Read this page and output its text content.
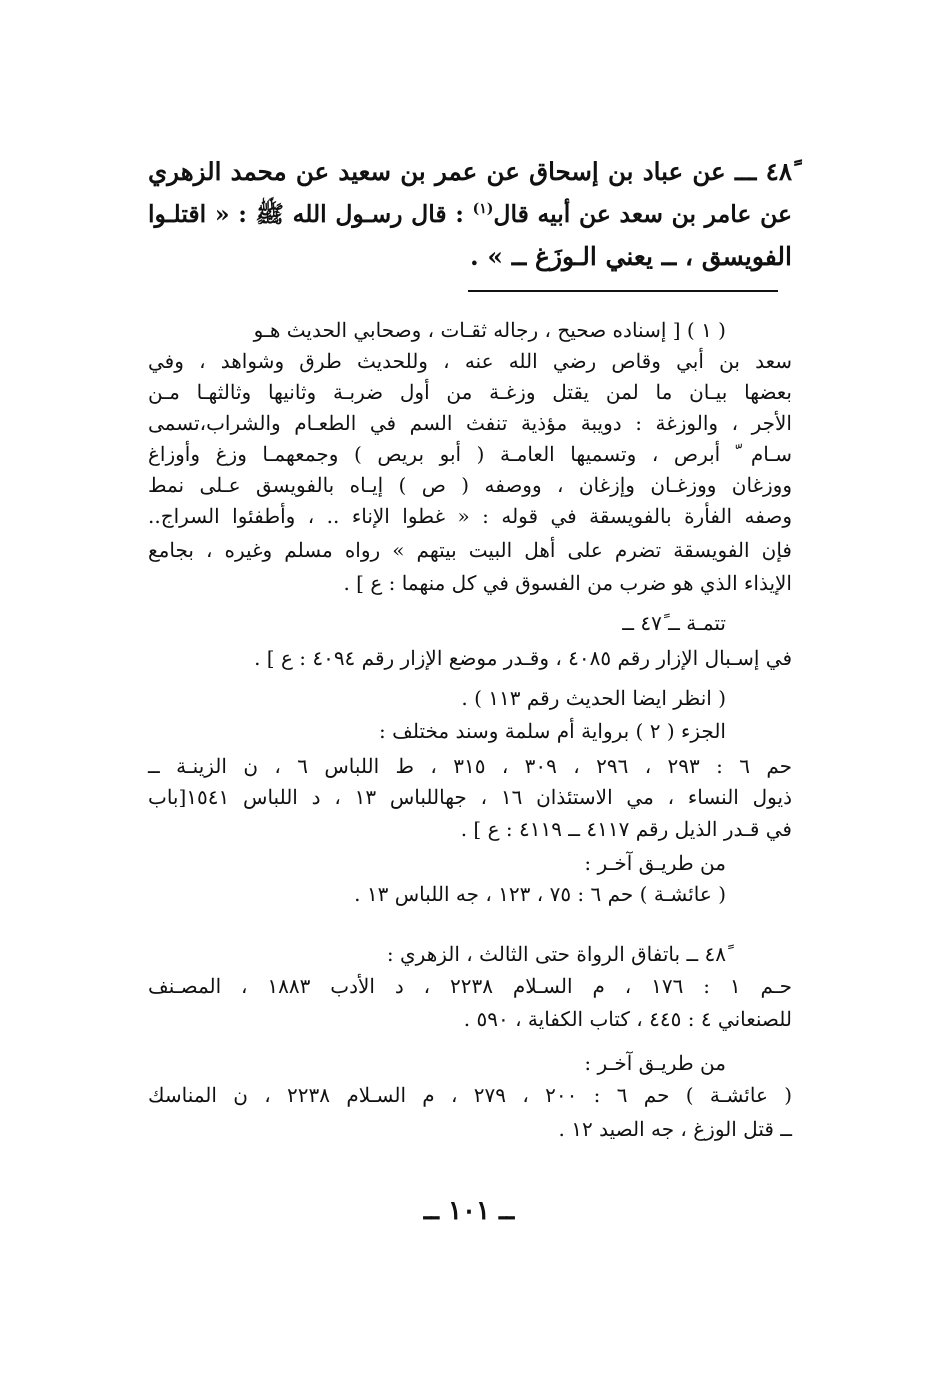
٤٨ً ـــ عن عباد بن إسحاق عن عمر بن سعيد عن محمد الزهري
عن عامر بن سعد عن أبيه قال$^{(١)}$ : قال رسـول الله ﷺ : « اقتلـوا
الفويسق ، ــ يعني الـوزَغ ــ » .
( ١ ) [ إسناده صحيح ، رجاله ثقـات ، وصحابي الحديث هـو
سعد بن أبي وقاص رضي الله عنه ، وللحديث طرق وشواهد ، وفي
بعضها بيـان ما لمن يقتل وزغـة من أول ضربـة وثانيها وثالثهـا مـن
الأجر ، والوزغة : دويبة مؤذية تنفث السم في الطعـام والشراب،تسمى
سـام ّ أبرص ، وتسميها العامـة ( أبو بريص ) وجمعهمـا وزغ وأوزاغ
ووزغان ووزغـان وإزغان ، ووصفه ( ص ) إيـاه بالفويسق عـلى نمط
وصفه الفأرة بالفويسقة في قوله : « غطوا الإناء .. ، وأطفئوا السراج..
فإن الفويسقة تضرم على أهل البيت بيتهم » رواه مسلم وغيره ، بجامع
الإيذاء الذي هو ضرب من الفسوق في كل منهما : ع ] .
تتمـة ــ ٤٧ً ــ
في إسـبال الإزار رقم ٤٠٨٥ ، وقـدر موضع الإزار رقم ٤٠٩٤ : ع ] .
( انظر ايضا الحديث رقم ١١٣ ) .
الجزء ( ٢ ) برواية أم سلمة وسند مختلف :
حم ٦ : ٢٩٣ ، ٢٩٦ ، ٣٠٩ ، ٣١٥ ، ط اللباس ٦ ، ن الزينـة ــ
ذيول النساء ، مي الاستئذان ١٦ ، جهاللباس ١٣ ، د اللباس ١٥٤١[باب
في قـدر الذيل رقم ٤١١٧ ــ ٤١١٩ : ع ] .
من طريـق آخـر :
( عائشـة ) حم ٦ : ٧٥ ، ١٢٣ ، جه اللباس ١٣ .
٤٨ً ــ باتفاق الرواة حتى الثالث ، الزهري :
حـم ١ : ١٧٦ ، م السـلام ٢٢٣٨ ، د الأدب ١٨٨٣ ، المصـنف
للصنعاني ٤ : ٤٤٥ ، كتاب الكفاية ، ٥٩٠ .
من طريـق آخـر :
( عائشـة ) حم ٦ : ٢٠٠ ، ٢٧٩ ، م السـلام ٢٢٣٨ ، ن المناسك
ــ قتل الوزغ ، جه الصيد ١٢ .
ــ ١٠١ ــ
